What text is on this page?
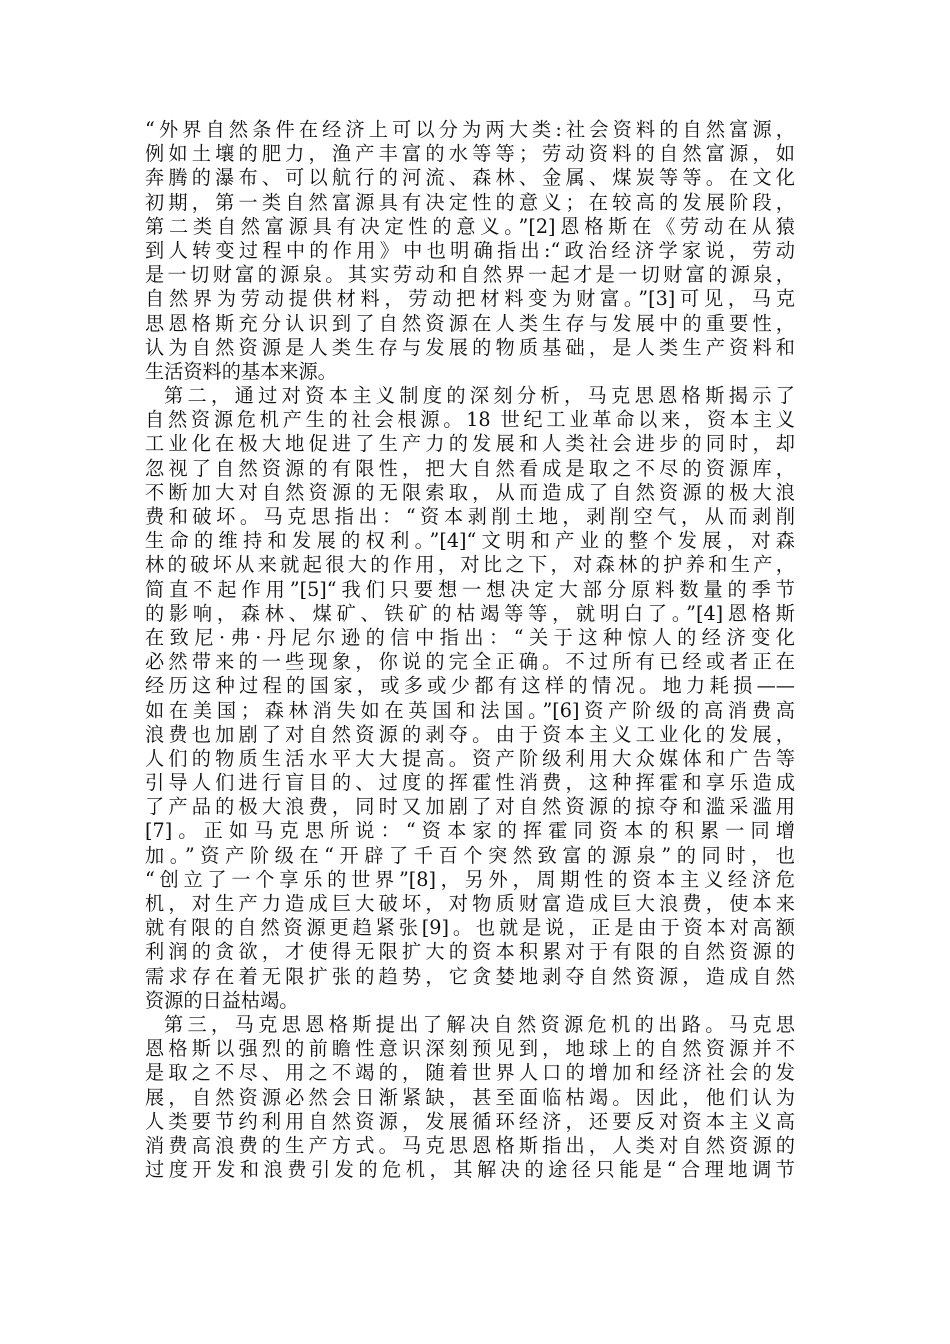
“外界自然条件在经济上可以分为两大类:社会资料的自然富源，
例如土壤的肥力，渔产丰富的水等等；劳动资料的自然富源，如
奔腾的瀑布、可以航行的河流、森林、金属、煤炭等等。在文化
初期，第一类自然富源具有决定性的意义；在较高的发展阶段，
第二类自然富源具有决定性的意义。”[2]恩格斯在《劳动在从猿
到人转变过程中的作用》中也明确指出:“政治经济学家说，劳动
是一切财富的源泉。其实劳动和自然界一起才是一切财富的源泉，
自然界为劳动提供材料，劳动把材料变为财富。”[3]可见，马克
思恩格斯充分认识到了自然资源在人类生存与发展中的重要性，
认为自然资源是人类生存与发展的物质基础，是人类生产资料和
生活资料的基本来源。
第二，通过对资本主义制度的深刻分析，马克思恩格斯揭示了
自然资源危机产生的社会根源。18 世纪工业革命以来，资本主义
工业化在极大地促进了生产力的发展和人类社会进步的同时，却
忽视了自然资源的有限性，把大自然看成是取之不尽的资源库，
不断加大对自然资源的无限索取，从而造成了自然资源的极大浪
费和破坏。马克思指出：“资本剥削土地，剥削空气，从而剥削
生命的维持和发展的权利。”[4]“文明和产业的整个发展，对森
林的破坏从来就起很大的作用，对比之下，对森林的护养和生产，
简直不起作用”[5]“我们只要想一想决定大部分原料数量的季节
的影响，森林、煤矿、铁矿的枯竭等等，就明白了。”[4]恩格斯
在致尼·弗·丹尼尔逊的信中指出：“关于这种惊人的经济变化
必然带来的一些现象，你说的完全正确。不过所有已经或者正在
经历这种过程的国家，或多或少都有这样的情况。地力耗损——
如在美国；森林消失如在英国和法国。”[6]资产阶级的高消费高
浪费也加剧了对自然资源的剥夺。由于资本主义工业化的发展，
人们的物质生活水平大大提高。资产阶级利用大众媒体和广告等
引导人们进行盲目的、过度的挥霍性消费，这种挥霍和享乐造成
了产品的极大浪费，同时又加剧了对自然资源的掠夺和滥采滥用
[7]。正如马克思所说：“资本家的挥霍同资本的积累一同增
加。”资产阶级在“开辟了千百个突然致富的源泉”的同时，也
“创立了一个享乐的世界”[8]，另外，周期性的资本主义经济危
机，对生产力造成巨大破坏，对物质财富造成巨大浪费，使本来
就有限的自然资源更趋紧张[9]。也就是说，正是由于资本对高额
利润的贪欲，才使得无限扩大的资本积累对于有限的自然资源的
需求存在着无限扩张的趋势，它贪婪地剥夺自然资源，造成自然
资源的日益枯竭。
第三，马克思恩格斯提出了解决自然资源危机的出路。马克思
恩格斯以强烈的前瞻性意识深刻预见到，地球上的自然资源并不
是取之不尽、用之不竭的，随着世界人口的增加和经济社会的发
展，自然资源必然会日渐紧缺，甚至面临枯竭。因此，他们认为
人类要节约利用自然资源，发展循环经济，还要反对资本主义高
消费高浪费的生产方式。马克思恩格斯指出，人类对自然资源的
过度开发和浪费引发的危机，其解决的途径只能是“合理地调节
